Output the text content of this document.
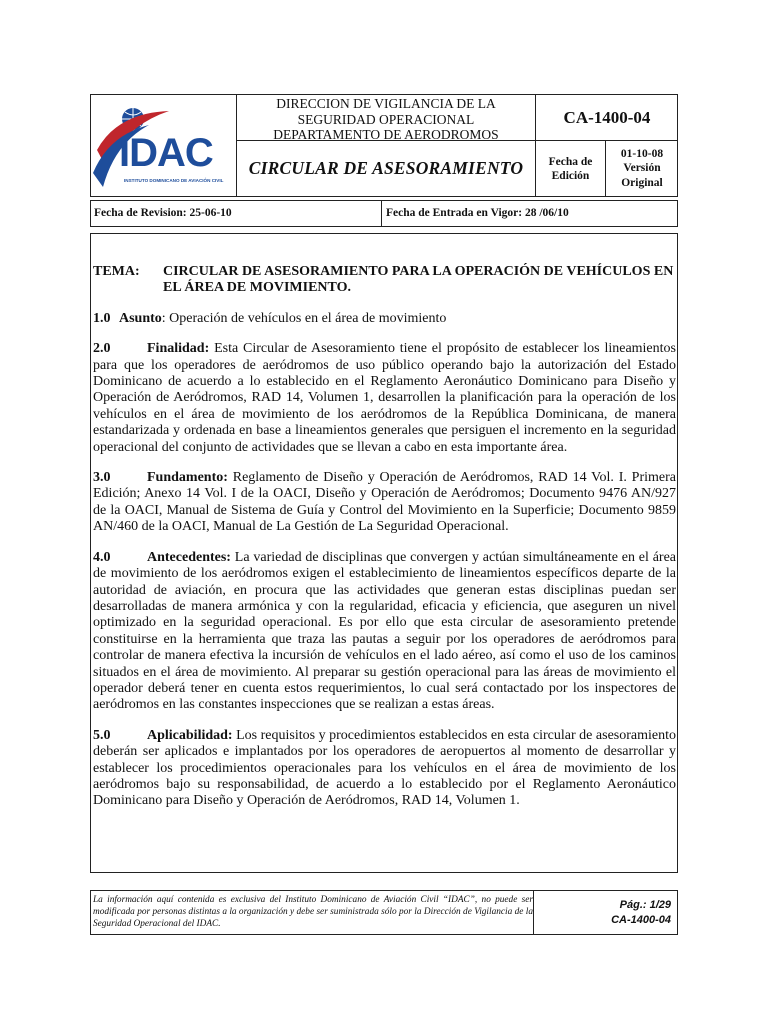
IDAC
INSTITUTO DOMINICANO DE AVIACIÓN CIVIL
DIRECCION DE VIGILANCIA DE LA
SEGURIDAD OPERACIONAL
DEPARTAMENTO DE AERODROMOS
CIRCULAR DE ASESORAMIENTO
CA-1400-04
Fecha de
Edición
01-10-08
Versión
Original
Fecha de Revision: 25-06-10	Fecha de Entrada en Vigor: 28 /06/10
TEMA:	CIRCULAR DE ASESORAMIENTO PARA LA OPERACIÓN DE VEHÍCULOS EN EL ÁREA DE MOVIMIENTO.

1.0 Asunto: Operación de vehículos en el área de movimiento

2.0	Finalidad: Esta Circular de Asesoramiento tiene el propósito de establecer los lineamientos para que los operadores de aeródromos de uso público operando bajo la autorización del Estado Dominicano de acuerdo a lo establecido en el Reglamento Aeronáutico Dominicano para Diseño y Operación de Aeródromos, RAD 14, Volumen 1, desarrollen la planificación para la operación de los vehículos en el área de movimiento de los aeródromos de la República Dominicana, de manera estandarizada y ordenada en base a lineamientos generales que persiguen el incremento en la seguridad operacional del conjunto de actividades que se llevan a cabo en esta importante área.

3.0	Fundamento: Reglamento de Diseño y Operación de Aeródromos, RAD 14 Vol. I. Primera Edición; Anexo 14 Vol. I de la OACI, Diseño y Operación de Aeródromos; Documento 9476 AN/927 de la OACI, Manual de Sistema de Guía y Control del Movimiento en la Superficie; Documento 9859 AN/460 de la OACI, Manual de La Gestión de La Seguridad Operacional.

4.0	Antecedentes: La variedad de disciplinas que convergen y actúan simultáneamente en el área de movimiento de los aeródromos exigen el establecimiento de lineamientos específicos departe de la autoridad de aviación, en procura que las actividades que generan estas disciplinas puedan ser desarrolladas de manera armónica y con la regularidad, eficacia y eficiencia, que aseguren un nivel optimizado en la seguridad operacional. Es por ello que esta circular de asesoramiento pretende constituirse en la herramienta que traza las pautas a seguir por los operadores de aeródromos para controlar de manera efectiva la incursión de vehículos en el lado aéreo, así como el uso de los caminos situados en el área de movimiento. Al preparar su gestión operacional para las áreas de movimiento el operador deberá tener en cuenta estos requerimientos, lo cual será contactado por los inspectores de aeródromos en las constantes inspecciones que se realizan a estas áreas.

5.0	Aplicabilidad: Los requisitos y procedimientos establecidos en esta circular de asesoramiento deberán ser aplicados e implantados por los operadores de aeropuertos al momento de desarrollar y establecer los procedimientos operacionales para los vehículos en el área de movimiento de los aeródromos bajo su responsabilidad, de acuerdo a lo establecido por el Reglamento Aeronáutico Dominicano para Diseño y Operación de Aeródromos, RAD 14, Volumen 1.

La información aquí contenida es exclusiva del Instituto Dominicano de Aviación Civil “IDAC”, no puede ser modificada por personas distintas a la organización y debe ser suministrada sólo por la Dirección de Vigilancia de la Seguridad Operacional del IDAC.
Pág.: 1/29
CA-1400-04
